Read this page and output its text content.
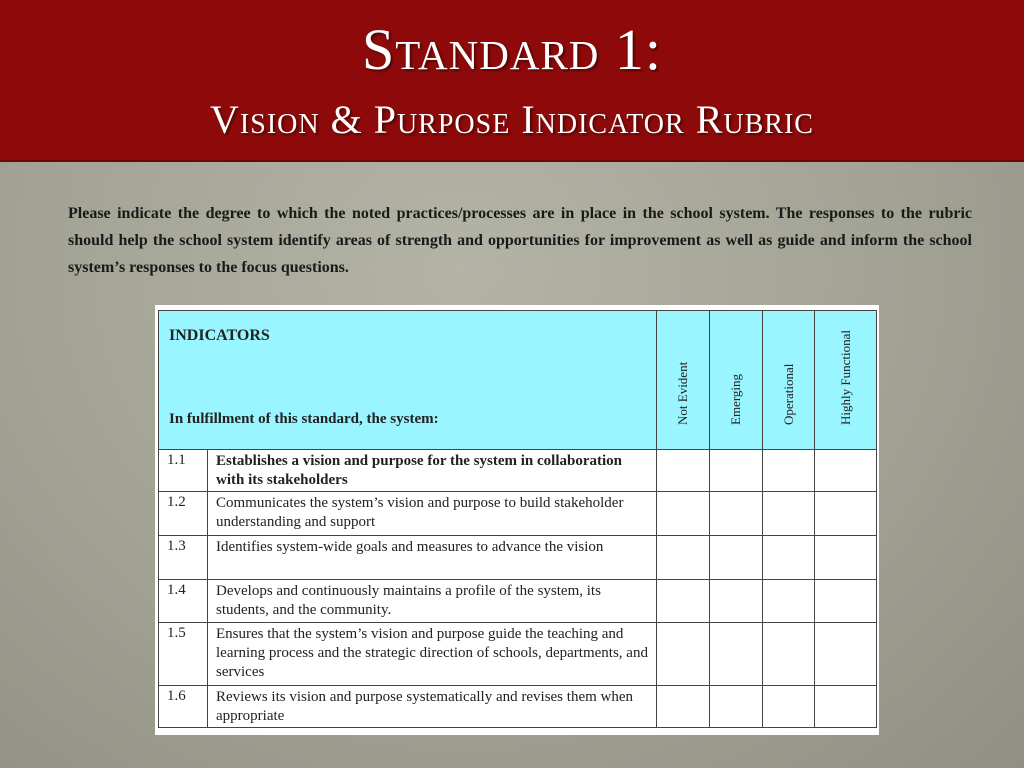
Standard 1:
Vision & Purpose Indicator Rubric
Please indicate the degree to which the noted practices/processes are in place in the school system. The responses to the rubric should help the school system identify areas of strength and opportunities for improvement as well as guide and inform the school system’s responses to the focus questions.
INDICATORS
In fulfillment of this standard, the system:		Not Evident	Emerging	Operational	Highly Functional

1.1	Establishes a vision and purpose for the system in collaboration with its stakeholders				
1.2	Communicates the system’s vision and purpose to build stakeholder understanding and support				
1.3	Identifies system-wide goals and measures to advance the vision				
1.4	Develops and continuously maintains a profile of the system, its students, and the community.				
1.5	Ensures that the system’s vision and purpose guide the teaching and learning process and the strategic direction of schools, departments, and services				
1.6	Reviews its vision and purpose systematically and revises them when appropriate				
